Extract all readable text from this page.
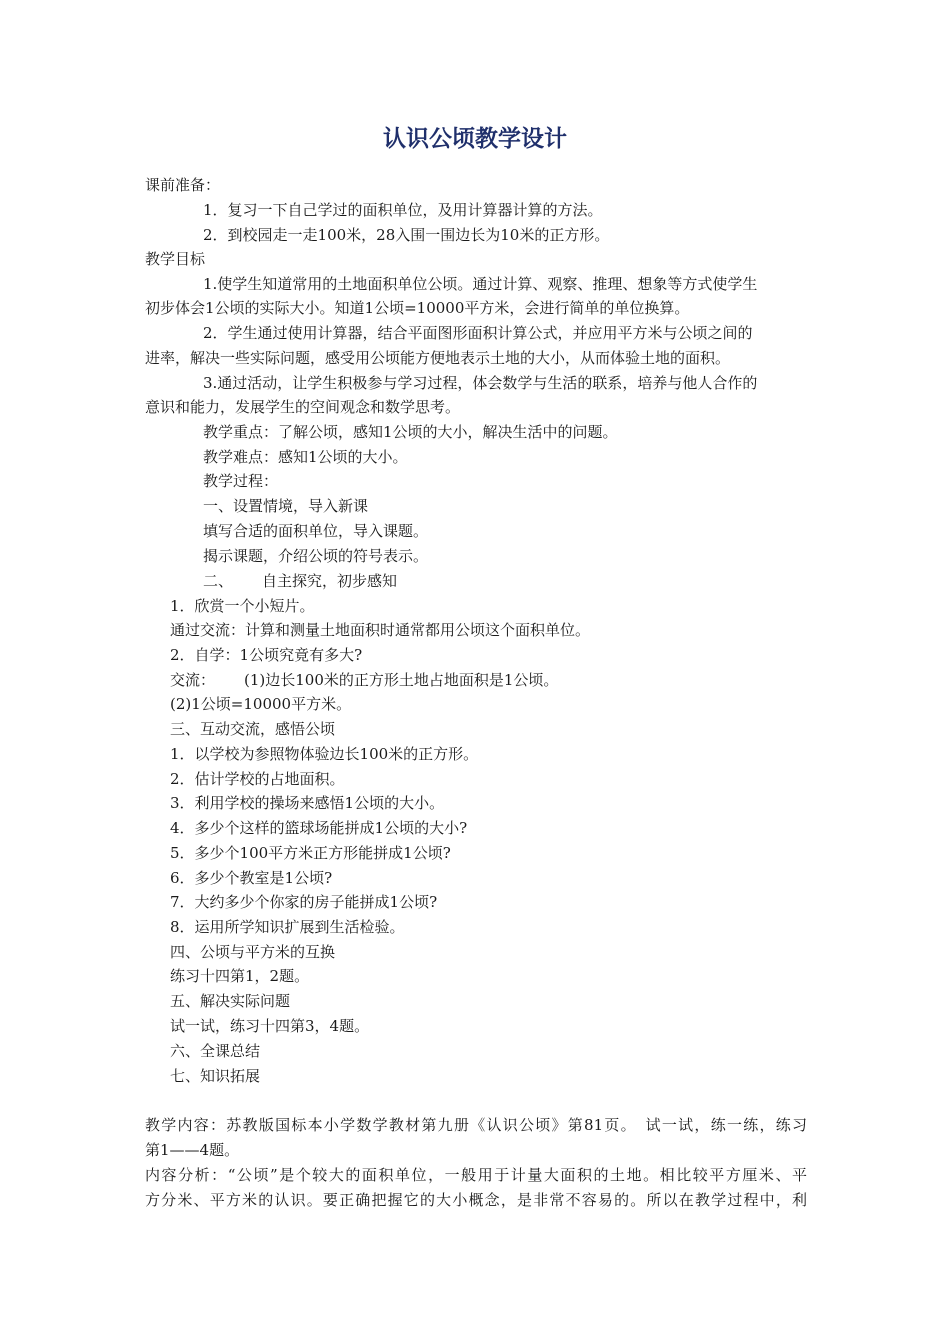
认识公顷教学设计
课前准备：
1．复习一下自己学过的面积单位，及用计算器计算的方法。
2．到校园走一走100米，28入围一围边长为10米的正方形。
教学目标
1.使学生知道常用的土地面积单位公顷。通过计算、观察、推理、想象等方式使学生
初步体会1公顷的实际大小。知道1公顷=10000平方米，会进行简单的单位换算。
2．学生通过使用计算器，结合平面图形面积计算公式，并应用平方米与公顷之间的
进率，解决一些实际问题，感受用公顷能方便地表示土地的大小，从而体验土地的面积。
3.通过活动，让学生积极参与学习过程，体会数学与生活的联系，培养与他人合作的
意识和能力，发展学生的空间观念和数学思考。
教学重点：了解公顷，感知1公顷的大小，解决生活中的问题。
教学难点：感知1公顷的大小。
教学过程：
一、设置情境，导入新课
填写合适的面积单位，导入课题。
揭示课题，介绍公顷的符号表示。
二、 自主探究，初步感知
1．欣赏一个小短片。
通过交流：计算和测量土地面积时通常都用公顷这个面积单位。
2．自学：1公顷究竟有多大?
交流： (1)边长100米的正方形土地占地面积是1公顷。
(2)1公顷=10000平方米。
三、互动交流，感悟公顷
1．以学校为参照物体验边长100米的正方形。
2．估计学校的占地面积。
3．利用学校的操场来感悟1公顷的大小。
4．多少个这样的篮球场能拼成1公顷的大小?
5．多少个100平方米正方形能拼成1公顷?
6．多少个教室是1公顷?
7．大约多少个你家的房子能拼成1公顷?
8．运用所学知识扩展到生活检验。
四、公顷与平方米的互换
练习十四第1，2题。
五、解决实际问题
试一试，练习十四第3，4题。
六、全课总结
七、知识拓展
教学内容：苏教版国标本小学数学教材第九册《认识公顷》第81页。　试一试，练一练，练习
第1——4题。
内容分析：“公顷”是个较大的面积单位，一般用于计量大面积的土地。相比较平方厘米、平
方分米、平方米的认识。要正确把握它的大小概念，是非常不容易的。所以在教学过程中，利
